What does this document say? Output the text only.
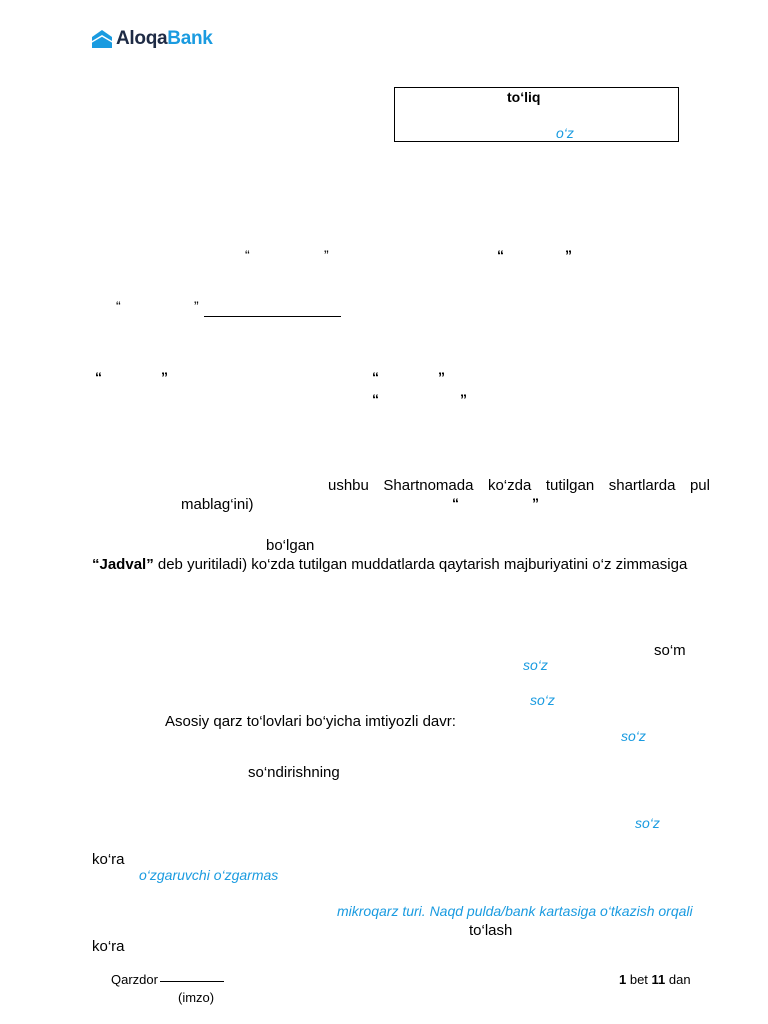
Aloqa Bank
to‘liq
o‘z
“	”	“	”
“	”
“	”	“	”
“	”
ushbu Shartnomada ko‘zda tutilgan shartlarda pul
mablag‘ini)	“	”
bo‘lgan
“Jadval” deb yuritiladi) ko‘zda tutilgan muddatlarda qaytarish majburiyatini o‘z zimmasiga
so‘m
so‘z
so‘z
Asosiy qarz to‘lovlari bo‘yicha imtiyozli davr:
so‘z
so‘ndirishning
so‘z
ko‘ra
o‘zgaruvchi o‘zgarmas
mikroqarz turi. Naqd pulda/bank kartasiga o‘tkazish orqali
to‘lash
ko‘ra
Qarzdor
(imzo)
1 bet 11 dan
